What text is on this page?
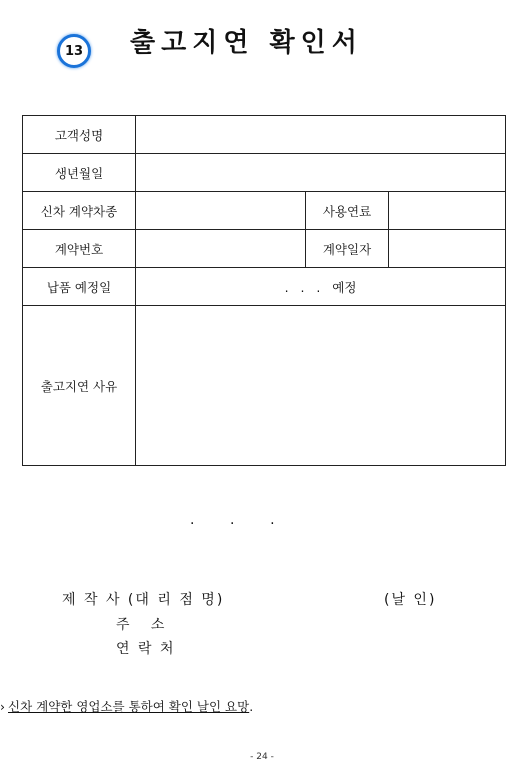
13	출고지연 확인서
고객성명			
생년월일			
신차 계약차종		사용연료	
계약번호		계약일자	
납품 예정일	.   .   .   예정		
출고지연 사유			
.        .        .
제 작 사 (대 리 점 명)	(날 인)
주   소
연 락 처
› 신차 계약한 영업소를 통하여 확인 날인 요망.
- 24 -
